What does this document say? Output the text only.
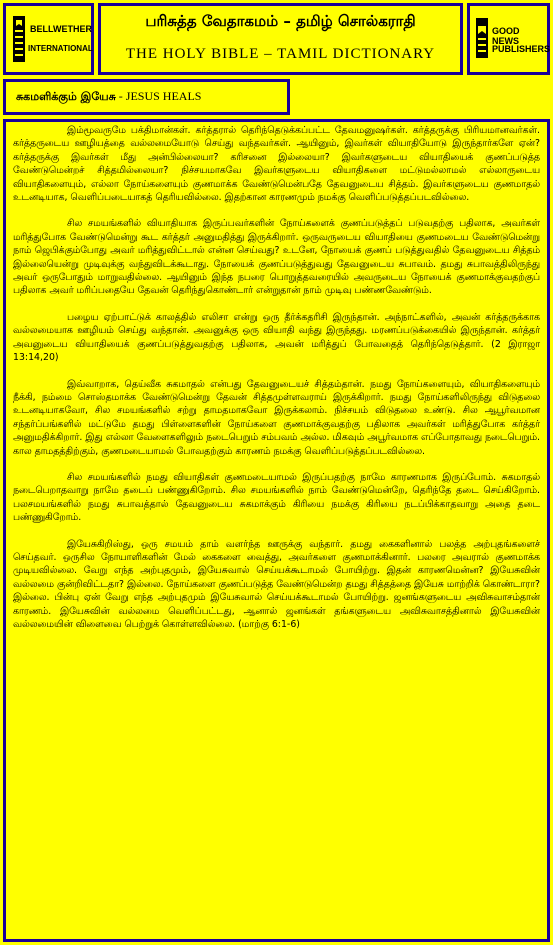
BELLWETHER
INTERNATIONAL
பரிசுத்த வேதாகமம் – தமிழ் சொல்கராதி
THE HOLY BIBLE – TAMIL DICTIONARY
GOOD NEWS
PUBLISHERS
சுகமளிக்கும் இயேசு - JESUS HEALS

இம்மூவருமே பக்திமான்கள். கர்த்தரால் தெரிந்தெடுக்கப்பட்ட தேவமனுஷர்கள். கர்த்தருக்கு பிரியமானவர்கள். கர்த்தருடைய ஊழியத்தை வல்லமையோடு செய்து வந்தவர்கள். ஆயினும், இவர்கள் வியாதியோடு இருந்தார்களே ஏன்? கர்த்தருக்கு இவர்கள் மீது அன்பில்லையா? கரிசனை இல்லையா? இவர்களுடைய வியாதியைக் குணப்படுத்த வேண்டுமென்றச் சித்தமில்லையா? நிச்சயமாகவே இவர்களுடைய வியாதிகளை மட்டுமல்லாமல் எல்லாருடைய வியாதிகளையும், எல்லா நோய்களையும் குணமாக்க வேண்டுமென்பதே தேவனுடைய சித்தம். இவர்களுடைய குணமாதல் உடனடியாக, வெளிப்படையாகத் தெரியவில்லை. இதற்கான காரணமும் நமக்கு வெளிப்படுத்தப்படவில்லை.

சில சமயங்களில் வியாதியாக இருப்பவர்களின் நோய்களைக் குணப்படுத்தப் படுவதற்கு பதிலாக, அவர்கள் மரித்துபோக வேண்டுமென்று கூட கர்த்தர் அனுமதித்து இருக்கிறார். ஒருவருடைய வியாதியை குணமடைய வேண்டுமென்று நாம் ஜெபிக்கும்போது அவர் மரித்துவிட்டால் என்ன செய்வது? உடனே, நோயைக் குணப் படுத்துவதில் தேவனுடைய சித்தம் இல்லையென்று முடிவுக்கு வந்துவிடக்கூடாது. நோயைக் குணப்படுத்துவது தேவனுடைய சுபாவம். தமது சுபாவத்திலிருந்து அவர் ஒருபோதும் மாறுவதில்லை. ஆயினும் இந்த நபரை பொறுத்தவரையில் அவருடைய நோயைக் குணமாக்குவதற்குப் பதிலாக அவர் மரிப்பதையே தேவன் தெரிந்துகொண்டார் என்றுதான் நாம் முடிவு பண்ணவேண்டும்.

பழைய ஏற்பாட்டுக் காலத்தில் எலிசா என்று ஒரு தீர்க்கதரிசி இருந்தான். அந்நாட்களில், அவன் கர்த்தருக்காக வல்லமையாக ஊழியம் செய்து வந்தான். அவனுக்கு ஒரு வியாதி வந்து இருந்தது. மரணப்படுக்கையில் இருந்தான். கர்த்தர் அவனுடைய வியாதியைக் குணப்படுத்துவதற்கு பதிலாக, அவன் மரித்துப் போவதைத் தெரிந்தெடுத்தார். (2 இராஜா 13:14,20)

இவ்வாறாக, தெய்வீக சுகமாதல் என்பது தேவனுடையச் சித்தம்தான். நமது நோய்களையும், வியாதிகளையும் நீக்கி, நம்மை சொஸ்தமாக்க வேண்டுமென்று தேவன் சித்தமுள்ளவராய் இருக்கிறார். நமது நோய்களிலிருந்து விடுதலை உடனடியாகவோ, சில சமயங்களில் சற்று தாமதமாகவோ இருக்கலாம். நிச்சயம் விடுதலை உண்டு. சில ஆபூர்வமான சந்தர்ப்பங்களில் மட்டுமே தமது பிள்ளைகளின் நோய்களை குணமாக்குவதற்கு பதிலாக அவர்கள் மரித்துபோக கர்த்தர் அனுமதிக்கிறார். இது எல்லா வேளைகளிலும் நடைபெறும் சம்பவம் அல்ல. மிகவும் அபூர்வமாக எப்போதாவது நடைபெறும். கால தாமதத்திற்கும், குணமடையாமல் போவதற்கும் காரணம் நமக்கு வெளிப்படுத்தப்படவில்லை.

சில சமயங்களில் நமது வியாதிகள் குணமடையாமல் இருப்பதற்கு நாமே காரணமாக இருப்போம். சுகமாதல் நடைபெறாதவாறு நாமே தடைப் பண்ணுகிறோம். சில சமயங்களில் நாம் வேண்டுமென்றே, தெரிந்தே தடை செய்கிறோம். பலசமயங்களில் நமது சுபாவத்தால் தேவனுடைய சுகமாக்கும் கிரியை நமக்கு கிரியை நடப்பிக்காதவாறு அதை தடை பண்ணுகிறோம்.

இயேசுகிறிஸ்து, ஒரு சமயம் தாம் வளர்ந்த ஊருக்கு வந்தார். தமது கைகளினால் பலத்த அற்புதங்களைச் செய்தவர். ஒருசில நோயாளிகளின் மேல் கைகளை வைத்து, அவர்களை குணமாக்கினார். பலரை அவரால் குணமாக்க முடியவில்லை. வேறு எந்த அற்புதமும், இயேசுவால் செய்யக்கூடாமல் போயிற்று. இதன் காரணமென்ன? இயேசுவின் வல்லமை குன்றிவிட்டதா? இல்லை. நோய்களை குணப்படுத்த வேண்டுமென்ற தமது சித்தத்தை இயேசு மாற்றிக் கொண்டாரா? இல்லை. பின்பு ஏன் வேறு எந்த அற்புதமும் இயேசுவால் செய்யக்கூடாமல் போயிற்று. ஜனங்களுடைய அவிசுவாசம்தான் காரணம். இயேசுவின் வல்லமை வெளிப்பட்டது, ஆனால் ஜனங்கள் தங்களுடைய அவிசுவாசத்தினால் இயேசுவின் வல்லமையின் விளைவை பெற்றுக் கொள்ளவில்லை. (மாற்கு 6:1-6)
